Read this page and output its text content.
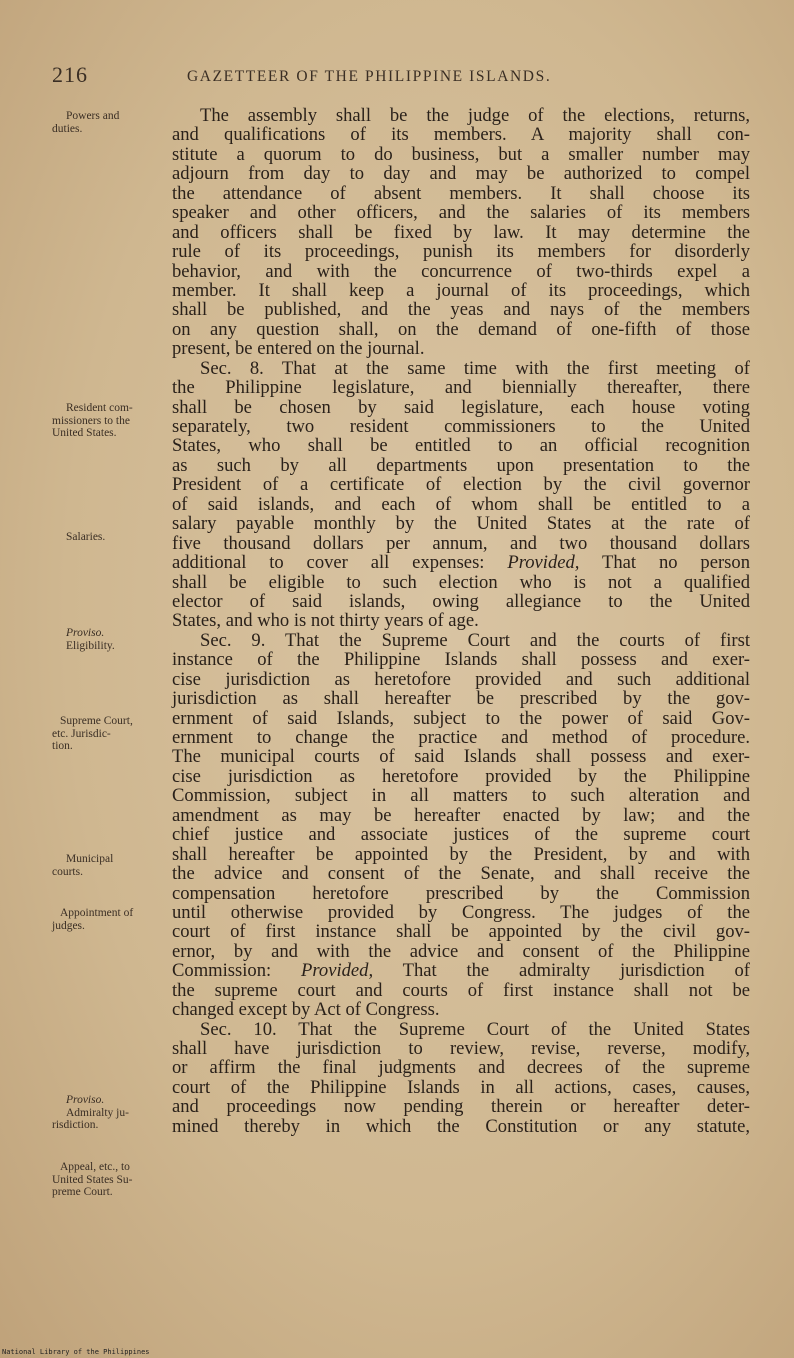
216	GAZETTEER OF THE PHILIPPINE ISLANDS.
Powers and
duties.
Resident com-
missioners to the
United States.
Salaries.
Proviso.
Eligibility.
Supreme Court,
etc. Jurisdic-
tion.
Municipal
courts.
Appointment of
judges.
Proviso.
Admiralty ju-
risdiction.
Appeal, etc., to
United States Su-
preme Court.
The assembly shall be the judge of the elections, returns,
and qualifications of its members. A majority shall con-
stitute a quorum to do business, but a smaller number may
adjourn from day to day and may be authorized to compel
the attendance of absent members. It shall choose its
speaker and other officers, and the salaries of its members
and officers shall be fixed by law. It may determine the
rule of its proceedings, punish its members for disorderly
behavior, and with the concurrence of two-thirds expel a
member. It shall keep a journal of its proceedings, which
shall be published, and the yeas and nays of the members
on any question shall, on the demand of one-fifth of those
present, be entered on the journal.
Sec. 8. That at the same time with the first meeting of
the Philippine legislature, and biennially thereafter, there
shall be chosen by said legislature, each house voting
separately, two resident commissioners to the United
States, who shall be entitled to an official recognition
as such by all departments upon presentation to the
President of a certificate of election by the civil governor
of said islands, and each of whom shall be entitled to a
salary payable monthly by the United States at the rate of
five thousand dollars per annum, and two thousand dollars
additional to cover all expenses: Provided, That no person
shall be eligible to such election who is not a qualified
elector of said islands, owing allegiance to the United
States, and who is not thirty years of age.
Sec. 9. That the Supreme Court and the courts of first
instance of the Philippine Islands shall possess and exer-
cise jurisdiction as heretofore provided and such additional
jurisdiction as shall hereafter be prescribed by the gov-
ernment of said Islands, subject to the power of said Gov-
ernment to change the practice and method of procedure.
The municipal courts of said Islands shall possess and exer-
cise jurisdiction as heretofore provided by the Philippine
Commission, subject in all matters to such alteration and
amendment as may be hereafter enacted by law; and the
chief justice and associate justices of the supreme court
shall hereafter be appointed by the President, by and with
the advice and consent of the Senate, and shall receive the
compensation heretofore prescribed by the Commission
until otherwise provided by Congress. The judges of the
court of first instance shall be appointed by the civil gov-
ernor, by and with the advice and consent of the Philippine
Commission: Provided, That the admiralty jurisdiction of
the supreme court and courts of first instance shall not be
changed except by Act of Congress.
Sec. 10. That the Supreme Court of the United States
shall have jurisdiction to review, revise, reverse, modify,
or affirm the final judgments and decrees of the supreme
court of the Philippine Islands in all actions, cases, causes,
and proceedings now pending therein or hereafter deter-
mined thereby in which the Constitution or any statute,
National Library of the Philippines
